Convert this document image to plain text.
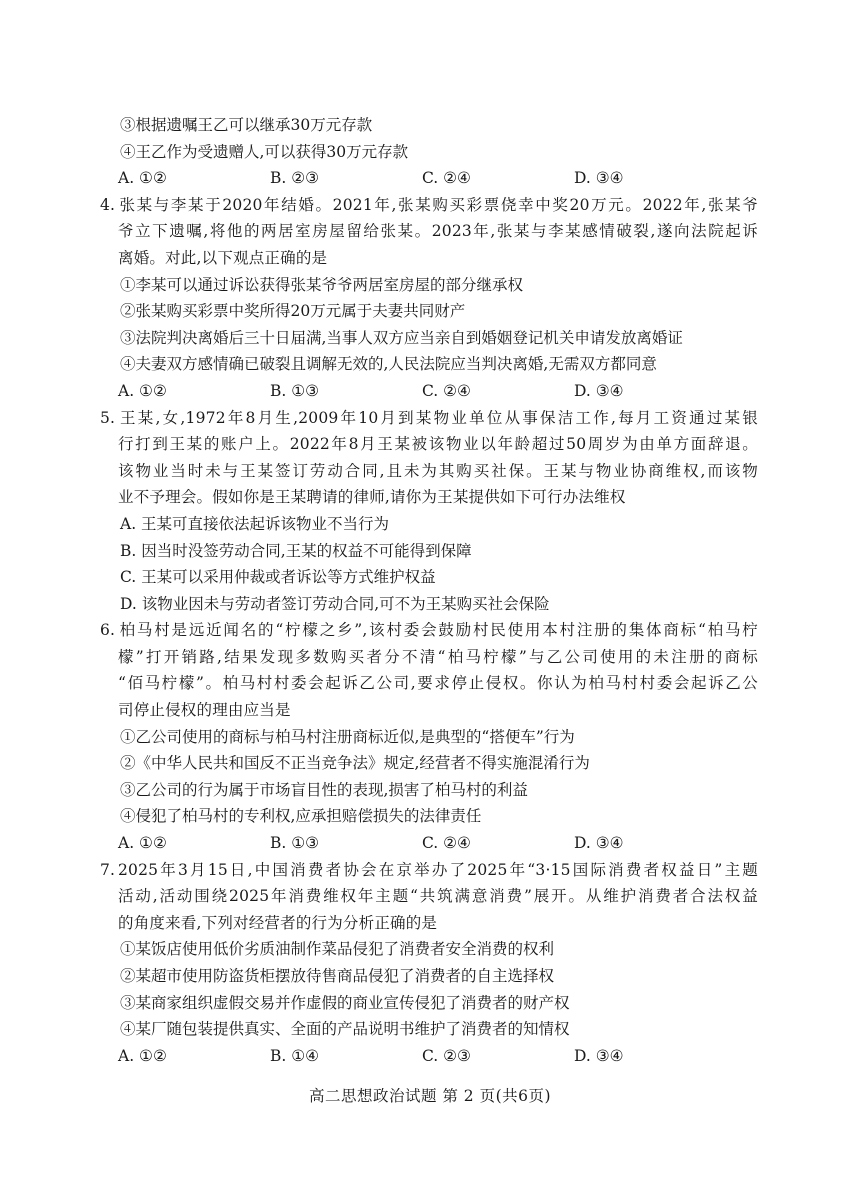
③根据遗嘱王乙可以继承30万元存款
④王乙作为受遗赠人,可以获得30万元存款
A. ①②	B. ②③	C. ②④	D. ③④
4. 张某与李某于2020年结婚。2021年,张某购买彩票侥幸中奖20万元。2022年,张某爷
爷立下遗嘱,将他的两居室房屋留给张某。2023年,张某与李某感情破裂,遂向法院起诉
离婚。对此,以下观点正确的是
①李某可以通过诉讼获得张某爷爷两居室房屋的部分继承权
②张某购买彩票中奖所得20万元属于夫妻共同财产
③法院判决离婚后三十日届满,当事人双方应当亲自到婚姻登记机关申请发放离婚证
④夫妻双方感情确已破裂且调解无效的,人民法院应当判决离婚,无需双方都同意
A. ①②	B. ①③	C. ②④	D. ③④
5. 王某,女,1972年8月生,2009年10月到某物业单位从事保洁工作,每月工资通过某银
行打到王某的账户上。2022年8月王某被该物业以年龄超过50周岁为由单方面辞退。
该物业当时未与王某签订劳动合同,且未为其购买社保。王某与物业协商维权,而该物
业不予理会。假如你是王某聘请的律师,请你为王某提供如下可行办法维权
A. 王某可直接依法起诉该物业不当行为
B. 因当时没签劳动合同,王某的权益不可能得到保障
C. 王某可以采用仲裁或者诉讼等方式维护权益
D. 该物业因未与劳动者签订劳动合同,可不为王某购买社会保险
6. 柏马村是远近闻名的“柠檬之乡”,该村委会鼓励村民使用本村注册的集体商标“柏马柠
檬”打开销路,结果发现多数购买者分不清“柏马柠檬”与乙公司使用的未注册的商标
“佰马柠檬”。柏马村村委会起诉乙公司,要求停止侵权。你认为柏马村村委会起诉乙公
司停止侵权的理由应当是
①乙公司使用的商标与柏马村注册商标近似,是典型的“搭便车”行为
②《中华人民共和国反不正当竞争法》规定,经营者不得实施混淆行为
③乙公司的行为属于市场盲目性的表现,损害了柏马村的利益
④侵犯了柏马村的专利权,应承担赔偿损失的法律责任
A. ①②	B. ①③	C. ②④	D. ③④
7. 2025年3月15日,中国消费者协会在京举办了2025年“3·15国际消费者权益日”主题
活动,活动围绕2025年消费维权年主题“共筑满意消费”展开。从维护消费者合法权益
的角度来看,下列对经营者的行为分析正确的是
①某饭店使用低价劣质油制作菜品侵犯了消费者安全消费的权利
②某超市使用防盗货柜摆放待售商品侵犯了消费者的自主选择权
③某商家组织虚假交易并作虚假的商业宣传侵犯了消费者的财产权
④某厂随包装提供真实、全面的产品说明书维护了消费者的知情权
A. ①②	B. ①④	C. ②③	D. ③④
高二思想政治试题 第 2 页(共6页)
